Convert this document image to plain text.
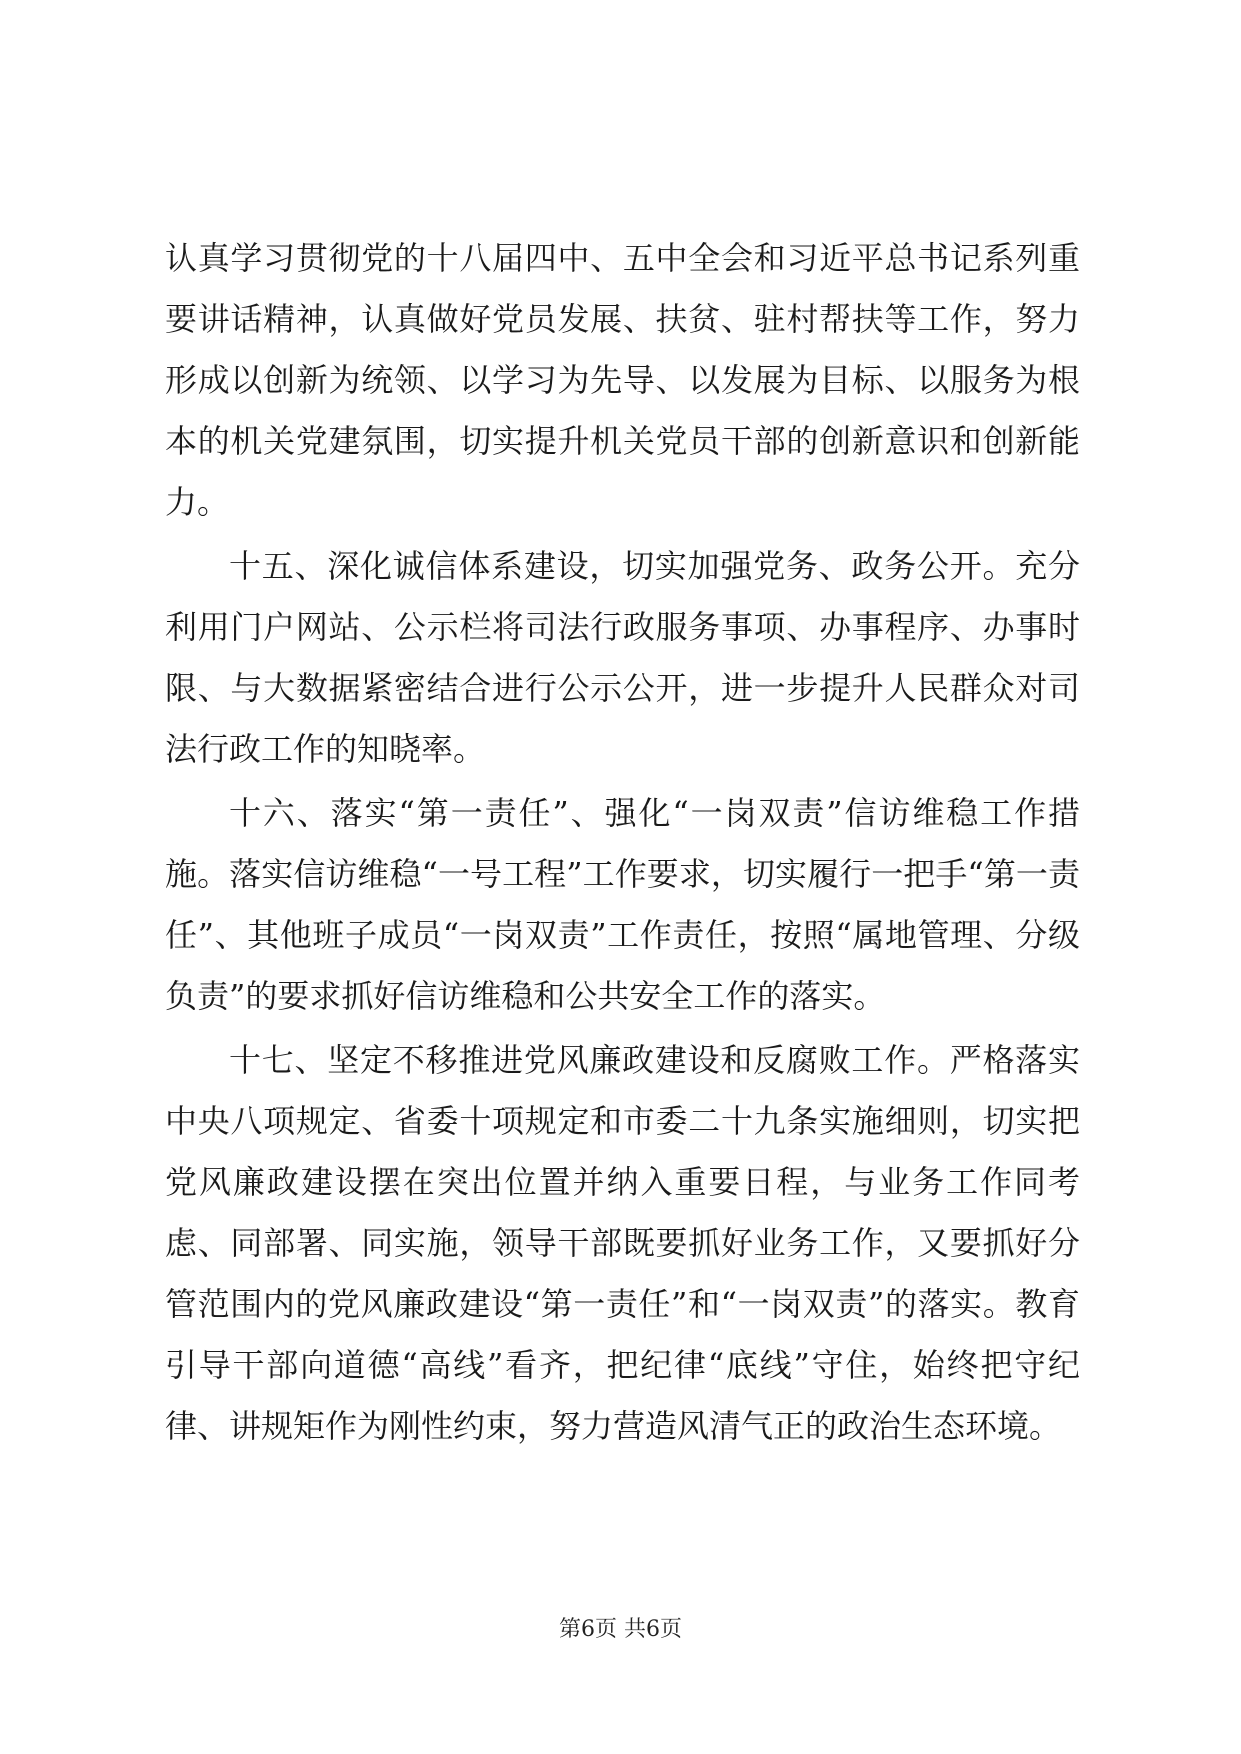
认真学习贯彻党的十八届四中、五中全会和习近平总书记系列重要讲话精神，认真做好党员发展、扶贫、驻村帮扶等工作，努力形成以创新为统领、以学习为先导、以发展为目标、以服务为根本的机关党建氛围，切实提升机关党员干部的创新意识和创新能力。

十五、深化诚信体系建设，切实加强党务、政务公开。充分利用门户网站、公示栏将司法行政服务事项、办事程序、办事时限、与大数据紧密结合进行公示公开，进一步提升人民群众对司法行政工作的知晓率。

十六、落实“第一责任”、强化“一岗双责”信访维稳工作措施。落实信访维稳“一号工程”工作要求，切实履行一把手“第一责任”、其他班子成员“一岗双责”工作责任，按照“属地管理、分级负责”的要求抓好信访维稳和公共安全工作的落实。

十七、坚定不移推进党风廉政建设和反腐败工作。严格落实中央八项规定、省委十项规定和市委二十九条实施细则，切实把党风廉政建设摆在突出位置并纳入重要日程，与业务工作同考虑、同部署、同实施，领导干部既要抓好业务工作，又要抓好分管范围内的党风廉政建设“第一责任”和“一岗双责”的落实。教育引导干部向道德“高线”看齐，把纪律“底线”守住，始终把守纪律、讲规矩作为刚性约束，努力营造风清气正的政治生态环境。

第6页 共6页
